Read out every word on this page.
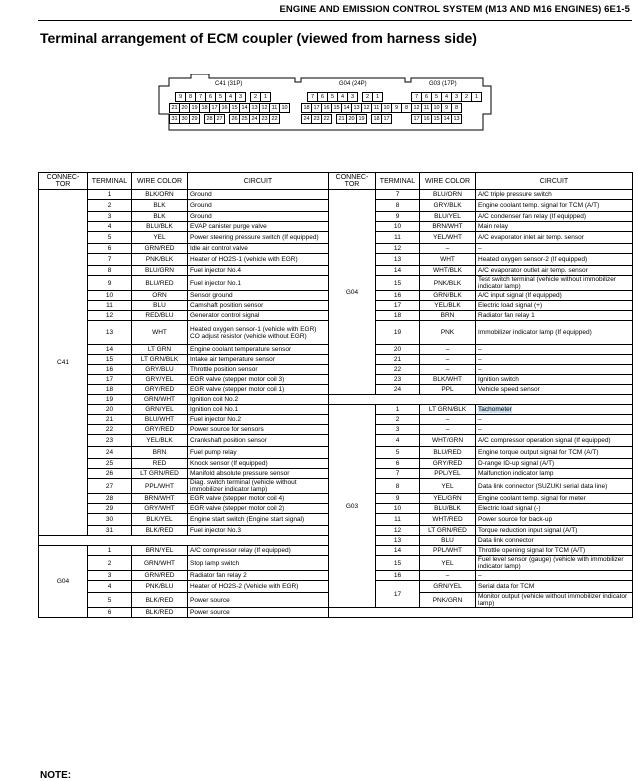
ENGINE AND EMISSION CONTROL SYSTEM (M13 AND M16 ENGINES) 6E1-5
Terminal arrangement of ECM coupler (viewed from harness side)
C41 (31P)	G04 (24P)	G03 (17P)
9	8	7	6	5	4	3	2	1
21 20 19 18 17 16 15 14 13 12 11 10
31 30 29	28 27	26 25 24 23 22
7	6	5	4	3	2	1
18 17 16 15 14 13 12 11 10 9	8
24 23 22	21 20 19	18 17
7	6	5	4	3	2	1
12 11 10 9	8
17 16 15 14 13
CONNEC-TOR	TERMINAL	WIRE COLOR	CIRCUIT	CONNEC-TOR	TERMINAL	WIRE COLOR	CIRCUIT
C41	1	BLK/ORN	Ground	G04	7	BLU/ORN	A/C triple pressure switch
	2	BLK	Ground		8	GRY/BLK	Engine coolant temp. signal for TCM (A/T)
	3	BLK	Ground		9	BLU/YEL	A/C condenser fan relay (If equipped)
	4	BLU/BLK	EVAP canister purge valve		10	BRN/WHT	Main relay
	5	YEL	Power steering pressure switch (If equipped)		11	YEL/WHT	A/C evaporator inlet air temp. sensor
	6	GRN/RED	Idle air control valve		12	–	–
	7	PNK/BLK	Heater of HO2S-1 (vehicle with EGR)		13	WHT	Heated oxygen sensor-2 (If equipped)
	8	BLU/GRN	Fuel injector No.4		14	WHT/BLK	A/C evaporator outlet air temp. sensor
	9	BLU/RED	Fuel injector No.1		15	PNK/BLK	Test switch terminal (vehicle without immobilizer indicator lamp)
	10	ORN	Sensor ground		16	GRN/BLK	A/C input signal (If equipped)
	11	BLU	Camshaft position sensor		17	YEL/BLK	Electric load signal (+)
	12	RED/BLU	Generator control signal		18	BRN	Radiator fan relay 1
	13	WHT	Heated oxygen sensor-1 (vehicle with EGR) CO adjust resistor (vehicle without EGR)		19	PNK	Immobilizer indicator lamp (If equipped)
	14	LT GRN	Engine coolant temperature sensor		20	–	–
	15	LT GRN/BLK	Intake air temperature sensor		21	–	–
	16	GRY/BLU	Throttle position sensor		22	–	–
	17	GRY/YEL	EGR valve (stepper motor coil 3)		23	BLK/WHT	Ignition switch
	18	GRY/RED	EGR valve (stepper motor coil 1)		24	PPL	Vehicle speed sensor
	19	GRN/WHT	Ignition coil No.2				
	20	GRN/YEL	Ignition coil No.1	G03	1	LT GRN/BLK	Tachometer
	21	BLU/WHT	Fuel injector No.2		2	–	–
	22	GRY/RED	Power source for sensors		3	–	–
	23	YEL/BLK	Crankshaft position sensor		4	WHT/GRN	A/C compressor operation signal (If equipped)
	24	BRN	Fuel pump relay		5	BLU/RED	Engine torque output signal for TCM (A/T)
	25	RED	Knock sensor (If equipped)		6	GRY/RED	D-range ID-up signal (A/T)
	26	LT GRN/RED	Manifold absolute pressure sensor		7	PPL/YEL	Malfunction indicator lamp
	27	PPL/WHT	Diag. switch terminal (vehicle without immobilizer indicator lamp)		8	YEL	Data link connector (SUZUKI serial data line)
	28	BRN/WHT	EGR valve (stepper motor coil 4)		9	YEL/GRN	Engine coolant temp. signal for meter
	29	GRY/WHT	EGR valve (stepper motor coil 2)		10	BLU/BLK	Electric load signal (-)
	30	BLK/YEL	Engine start switch (Engine start signal)		11	WHT/RED	Power source for back-up
	31	BLK/RED	Fuel injector No.3		12	LT GRN/RED	Torque reduction input signal (A/T)
					13	BLU	Data link connector
G04	1	BRN/YEL	A/C compressor relay (If equipped)		14	PPL/WHT	Throttle opening signal for TCM (A/T)
	2	GRN/WHT	Stop lamp switch		15	YEL	Fuel level sensor (gauge) (vehicle with immobilizer indicator lamp)
	3	GRN/RED	Radiator fan relay 2		16	–	–
	4	PNK/BLU	Heater of HO2S-2 (Vehicle with EGR)		17	GRN/YEL	Serial data for TCM
	5	BLK/RED	Power source			PNK/GRN	Monitor output (vehicle without immobilizer indicator lamp)
	6	BLK/RED	Power source				
NOTE:
